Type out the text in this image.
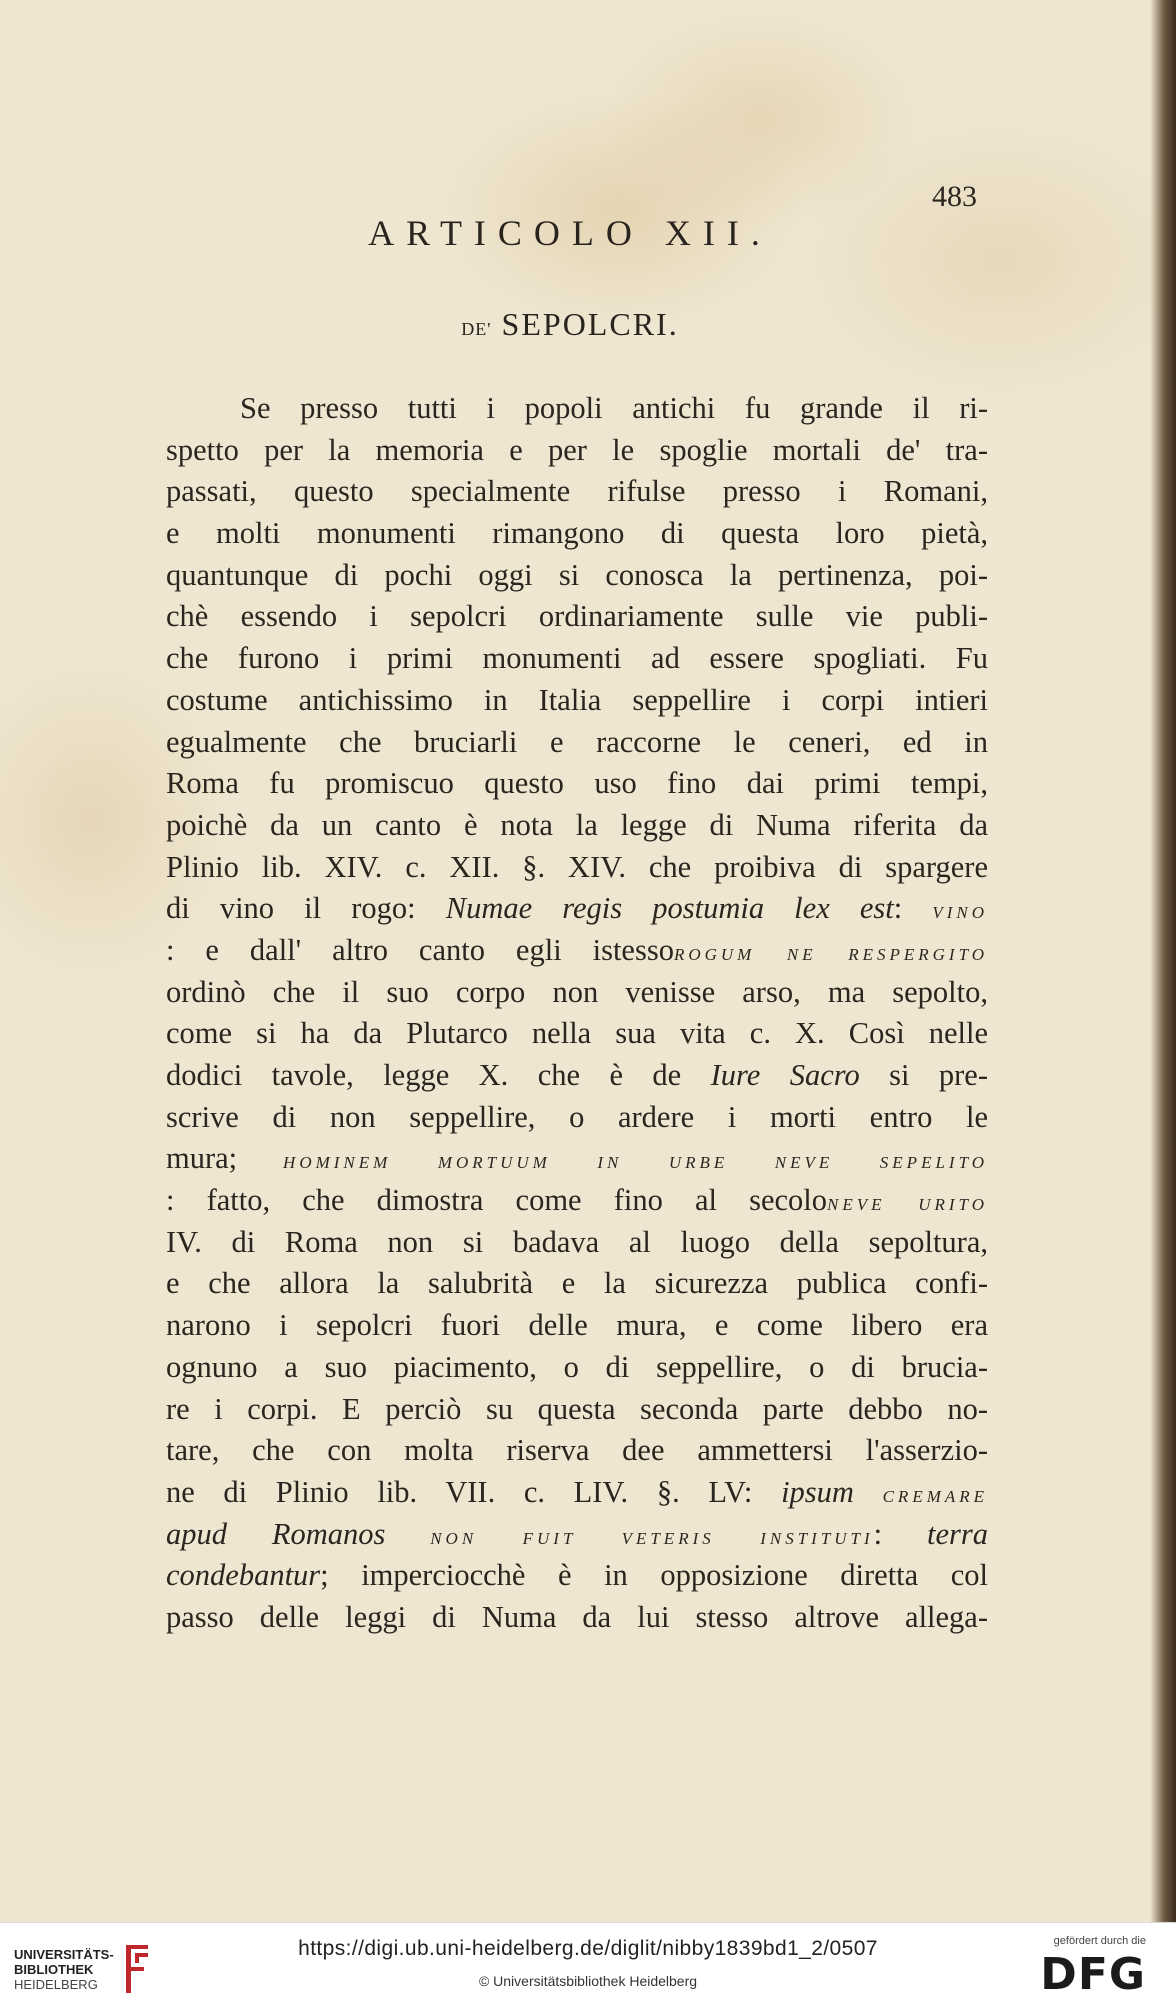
483
ARTICOLO XII.
DE' SEPOLCRI.
Se presso tutti i popoli antichi fu grande il ri-
spetto per la memoria e per le spoglie mortali de' tra-
passati, questo specialmente rifulse presso i Romani,
e molti monumenti rimangono di questa loro pietà,
quantunque di pochi oggi si conosca la pertinenza, poi-
chè essendo i sepolcri ordinariamente sulle vie publi-
che furono i primi monumenti ad essere spogliati. Fu
costume antichissimo in Italia seppellire i corpi intieri
egualmente che bruciarli e raccorne le ceneri, ed in
Roma fu promiscuo questo uso fino dai primi tempi,
poichè da un canto è nota la legge di Numa riferita da
Plinio lib. XIV. c. XII. §. XIV. che proibiva di spargere
di vino il rogo: Numae regis postumia lex est: VINO
: e dall' altro canto egli istessoROGUM NE RESPERGITO
ordinò che il suo corpo non venisse arso, ma sepolto,
come si ha da Plutarco nella sua vita c. X. Così nelle
dodici tavole, legge X. che è de Iure Sacro si pre-
scrive di non seppellire, o ardere i morti entro le
mura; HOMINEM MORTUUM IN URBE NEVE SEPELITO
: fatto, che dimostra come fino al secoloNEVE URITO
IV. di Roma non si badava al luogo della sepoltura,
e che allora la salubrità e la sicurezza publica confi-
narono i sepolcri fuori delle mura, e come libero era
ognuno a suo piacimento, o di seppellire, o di brucia-
re i corpi. E perciò su questa seconda parte debbo no-
tare, che con molta riserva dee ammettersi l'asserzio-
ne di Plinio lib. VII. c. LIV. §. LV: ipsum CREMARE
apud Romanos	NON FUIT VETERIS INSTITUTI: terra
condebantur; imperciocchè è in opposizione diretta col
passo delle leggi di Numa da lui stesso altrove allega-
UNIVERSITÄTS-
BIBLIOTHEK
HEIDELBERG
https://digi.ub.uni-heidelberg.de/diglit/nibby1839bd1_2/0507
© Universitätsbibliothek Heidelberg
gefördert durch die
DFG
